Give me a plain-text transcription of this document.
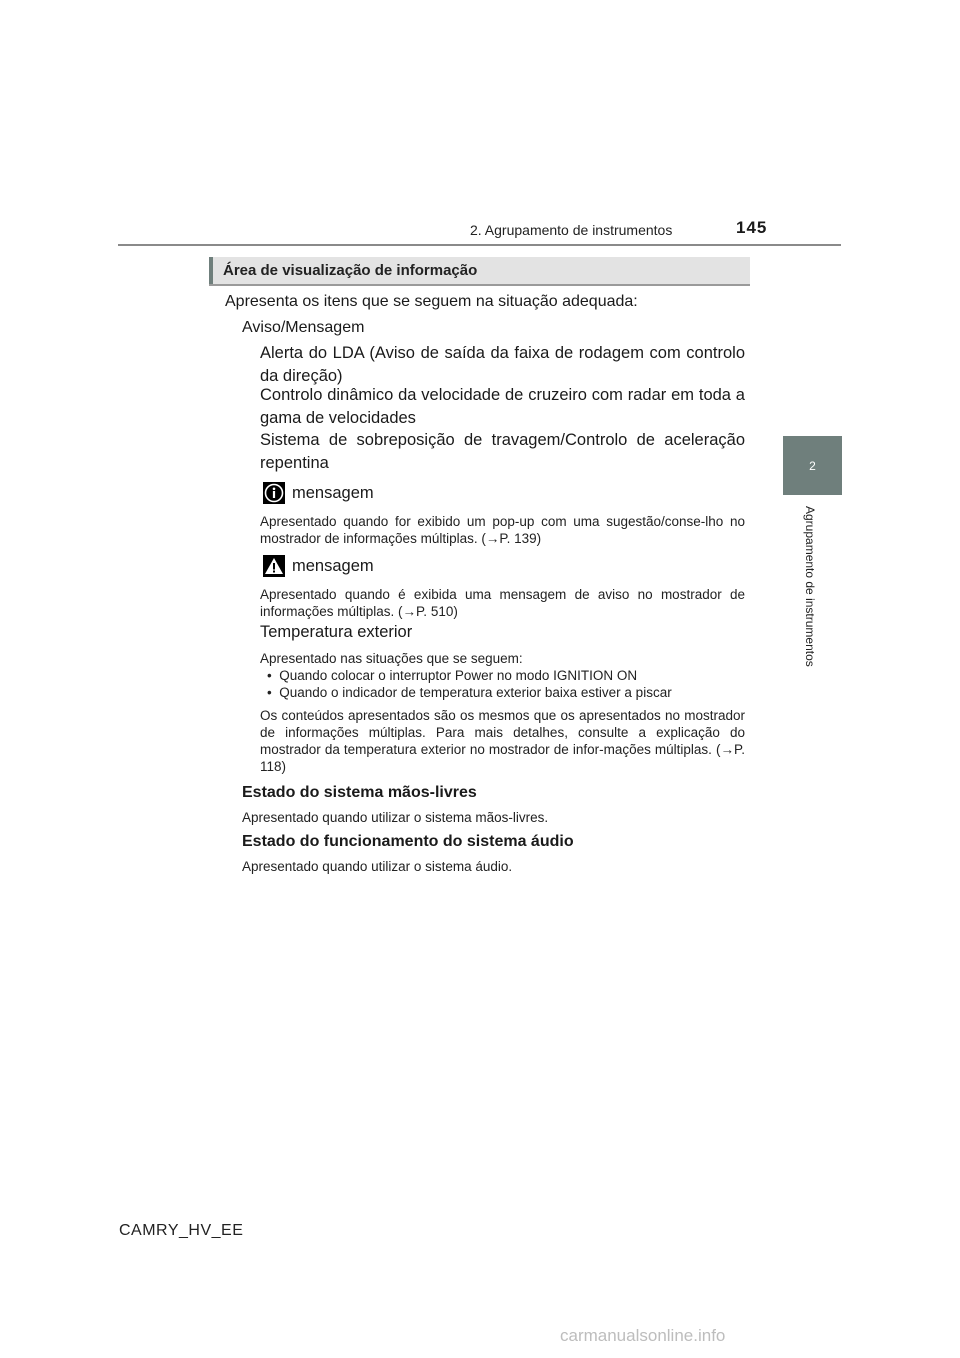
2. Agrupamento de instrumentos	145
2
Agrupamento de instrumentos
Área de visualização de informação
Apresenta os itens que se seguem na situação adequada:
Aviso/Mensagem
Alerta do LDA (Aviso de saída da faixa de rodagem com controlo da direção)
Controlo dinâmico da velocidade de cruzeiro com radar em toda a gama de velocidades
Sistema de sobreposição de travagem/Controlo de aceleração repentina
mensagem
Apresentado quando for exibido um pop-up com uma sugestão/conse-lho no mostrador de informações múltiplas. (→P. 139)
mensagem
Apresentado quando é exibida uma mensagem de aviso no mostrador de informações múltiplas. (→P. 510)
Temperatura exterior
Apresentado nas situações que se seguem:
•  Quando colocar o interruptor Power no modo IGNITION ON
•  Quando o indicador de temperatura exterior baixa estiver a piscar
Os conteúdos apresentados são os mesmos que os apresentados no mostrador de informações múltiplas. Para mais detalhes, consulte a explicação do mostrador da temperatura exterior no mostrador de infor-mações múltiplas. (→P. 118)
Estado do sistema mãos-livres
Apresentado quando utilizar o sistema mãos-livres.
Estado do funcionamento do sistema áudio
Apresentado quando utilizar o sistema áudio.
CAMRY_HV_EE
carmanualsonline.info
